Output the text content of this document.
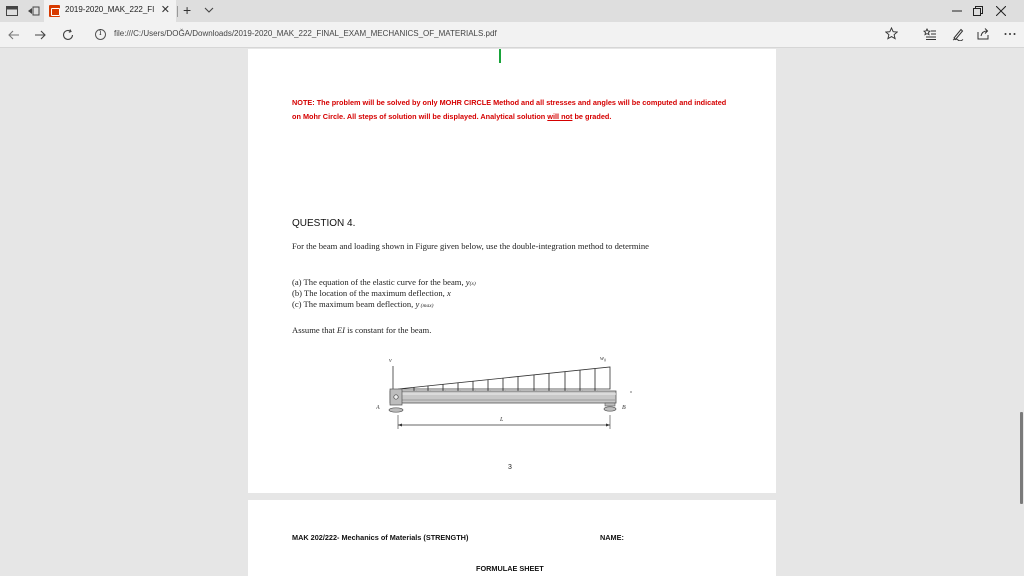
2019-2020_MAK_222_FI ✕ +
i
file:///C:/Users/DOĞA/Downloads/2019-2020_MAK_222_FINAL_EXAM_MECHANICS_OF_MATERIALS.pdf
NOTE: The problem will be solved by only MOHR CIRCLE Method and all stresses and angles will be computed and indicated on Mohr Circle. All steps of solution will be displayed. Analytical solution will not be graded.
QUESTION 4.
For the beam and loading shown in Figure given below, use the double-integration method to determine
(a) The equation of the elastic curve for the beam, y(x)
(b) The location of the maximum deflection, x
(c) The maximum beam deflection, y (max)
Assume that EI is constant for the beam.
v	$w_0$
A	B
L
3
MAK 202/222- Mechanics of Materials (STRENGTH)	NAME:
FORMULAE SHEET
